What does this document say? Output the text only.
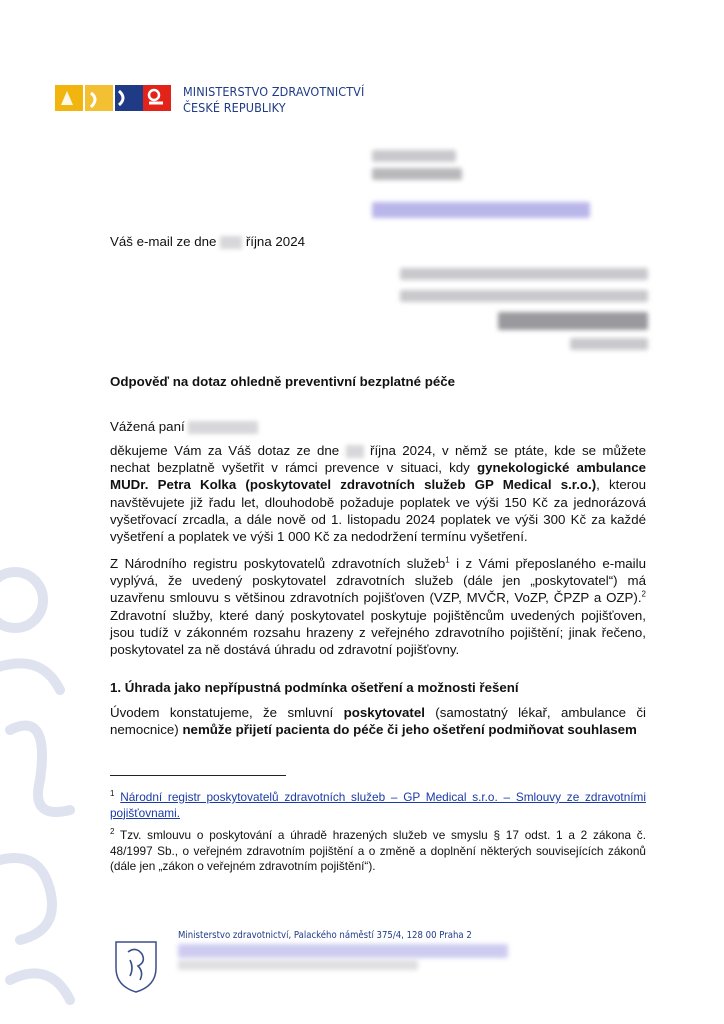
MINISTERSTVO ZDRAVOTNICTVÍ
ČESKÉ REPUBLIKY
Váš e-mail ze dne října 2024
Odpověď na dotaz ohledně preventivní bezplatné péče
Vážená paní
děkujeme Vám za Váš dotaz ze dne října 2024, v němž se ptáte, kde se můžete nechat bezplatně vyšetřit v rámci prevence v situaci, kdy gynekologické ambulance MUDr. Petra Kolka (poskytovatel zdravotních služeb GP Medical s.r.o.), kterou navštěvujete již řadu let, dlouhodobě požaduje poplatek ve výši 150 Kč za jednorázová vyšetřovací zrcadla, a dále nově od 1. listopadu 2024 poplatek ve výši 300 Kč za každé vyšetření a poplatek ve výši 1 000 Kč za nedodržení termínu vyšetření.
Z Národního registru poskytovatelů zdravotních služeb$^1$ i z Vámi přeposlaného e-mailu vyplývá, že uvedený poskytovatel zdravotních služeb (dále jen „poskytovatel“) má uzavřenu smlouvu s většinou zdravotních pojišťoven (VZP, MVČR, VoZP, ČPZP a OZP).$^2$ Zdravotní služby, které daný poskytovatel poskytuje pojištěncům uvedených pojišťoven, jsou tudíž v zákonném rozsahu hrazeny z veřejného zdravotního pojištění; jinak řečeno, poskytovatel za ně dostává úhradu od zdravotní pojišťovny.
1. Úhrada jako nepřípustná podmínka ošetření a možnosti řešení
Úvodem konstatujeme, že smluvní poskytovatel (samostatný lékař, ambulance či nemocnice) nemůže přijetí pacienta do péče či jeho ošetření podmiňovat souhlasem
$^1$ Národní registr poskytovatelů zdravotních služeb – GP Medical s.r.o. – Smlouvy ze zdravotními pojišťovnami.
$^2$ Tzv. smlouvu o poskytování a úhradě hrazených služeb ve smyslu § 17 odst. 1 a 2 zákona č. 48/1997 Sb., o veřejném zdravotním pojištění a o změně a doplnění některých souvisejících zákonů (dále jen „zákon o veřejném zdravotním pojištění“).
Ministerstvo zdravotnictví, Palackého náměstí 375/4, 128 00 Praha 2
